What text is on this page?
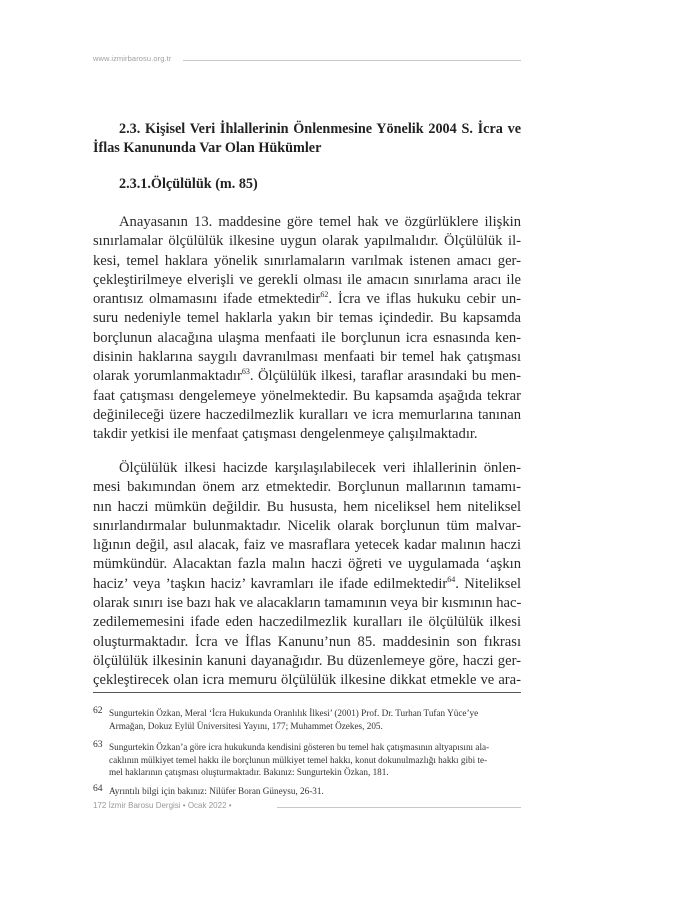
www.izmirbarosu.org.tr
2.3. Kişisel Veri İhlallerinin Önlenmesine Yönelik 2004 S. İcra ve İflas Kanununda Var Olan Hükümler
2.3.1.Ölçülülük (m. 85)
Anayasanın 13. maddesine göre temel hak ve özgürlüklere ilişkin
sınırlamalar ölçülülük ilkesine uygun olarak yapılmalıdır. Ölçülülük il-
kesi, temel haklara yönelik sınırlamaların varılmak istenen amacı ger-
çekleştirilmeye elverişli ve gerekli olması ile amacın sınırlama aracı ile
orantısız olmamasını ifade etmektedir$^{62}$. İcra ve iflas hukuku cebir un-
suru nedeniyle temel haklarla yakın bir temas içindedir. Bu kapsamda
borçlunun alacağına ulaşma menfaati ile borçlunun icra esnasında ken-
disinin haklarına saygılı davranılması menfaati bir temel hak çatışması
olarak yorumlanmaktadır$^{63}$. Ölçülülük ilkesi, taraflar arasındaki bu men-
faat çatışması dengelemeye yönelmektedir. Bu kapsamda aşağıda tekrar
değinileceği üzere haczedilmezlik kuralları ve icra memurlarına tanınan
takdir yetkisi ile menfaat çatışması dengelenmeye çalışılmaktadır.
Ölçülülük ilkesi hacizde karşılaşılabilecek veri ihlallerinin önlen-
mesi bakımından önem arz etmektedir. Borçlunun mallarının tamamı-
nın haczi mümkün değildir. Bu hususta, hem niceliksel hem niteliksel
sınırlandırmalar bulunmaktadır. Nicelik olarak borçlunun tüm malvar-
lığının değil, asıl alacak, faiz ve masraflara yetecek kadar malının haczi
mümkündür. Alacaktan fazla malın haczi öğreti ve uygulamada ‘aşkın
haciz’ veya ’taşkın haciz’ kavramları ile ifade edilmektedir$^{64}$. Niteliksel
olarak sınırı ise bazı hak ve alacakların tamamının veya bir kısmının hac-
zedilememesini ifade eden haczedilmezlik kuralları ile ölçülülük ilkesi
oluşturmaktadır. İcra ve İflas Kanunu’nun 85. maddesinin son fıkrası
ölçülülük ilkesinin kanuni dayanağıdır. Bu düzenlemeye göre, haczi ger-
çekleştirecek olan icra memuru ölçülülük ilkesine dikkat etmekle ve ara-
62 Sungurtekin Özkan, Meral ‘İcra Hukukunda Oranlılık İlkesi’ (2001) Prof. Dr. Turhan Tufan Yüce’ye
Armağan, Dokuz Eylül Üniversitesi Yayını, 177; Muhammet Özekes, 205.
63 Sungurtekin Özkan’a göre icra hukukunda kendisini gösteren bu temel hak çatışmasının altyapısını ala-
caklının mülkiyet temel hakkı ile borçlunun mülkiyet temel hakkı, konut dokunulmazlığı hakkı gibi te-
mel haklarının çatışması oluşturmaktadır. Bakınız: Sungurtekin Özkan, 181.
64 Ayrıntılı bilgi için bakınız: Nilüfer Boran Güneysu, 26-31.
172 İzmir Barosu Dergisi • Ocak 2022 •
